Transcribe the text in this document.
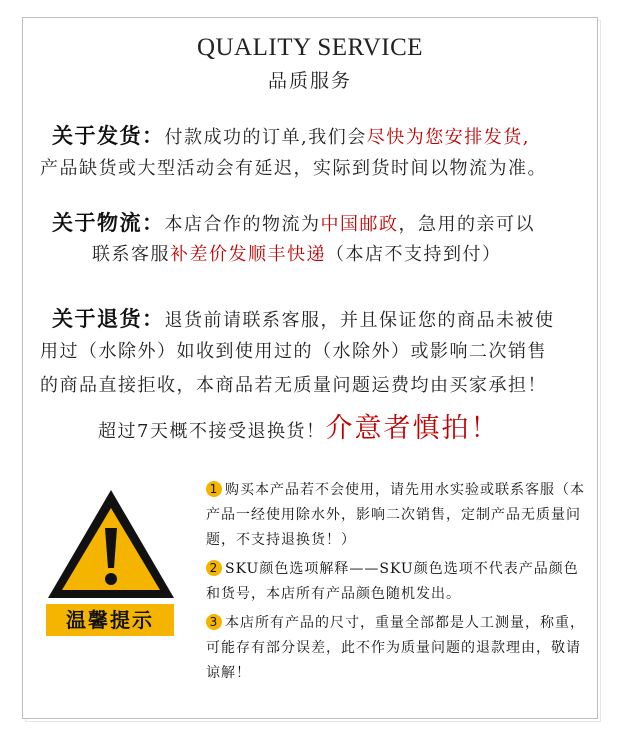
QUALITY SERVICE
品质服务
关于发货：付款成功的订单,我们会尽快为您安排发货,
产品缺货或大型活动会有延迟，实际到货时间以物流为准。
关于物流：本店合作的物流为中国邮政，急用的亲可以
联系客服补差价发顺丰快递（本店不支持到付）
关于退货：退货前请联系客服，并且保证您的商品未被使
用过（水除外）如收到使用过的（水除外）或影响二次销售
的商品直接拒收，本商品若无质量问题运费均由买家承担！
超过7天概不接受退换货！介意者慎拍！
温馨提示
1 购买本产品若不会使用，请先用水实验或联系客服（本产品一经使用除水外，影响二次销售，定制产品无质量问题，不支持退换货！）
2 SKU颜色选项解释——SKU颜色选项不代表产品颜色和货号，本店所有产品颜色随机发出。
3 本店所有产品的尺寸，重量全部都是人工测量，称重，可能存有部分误差，此不作为质量问题的退款理由，敬请谅解！
